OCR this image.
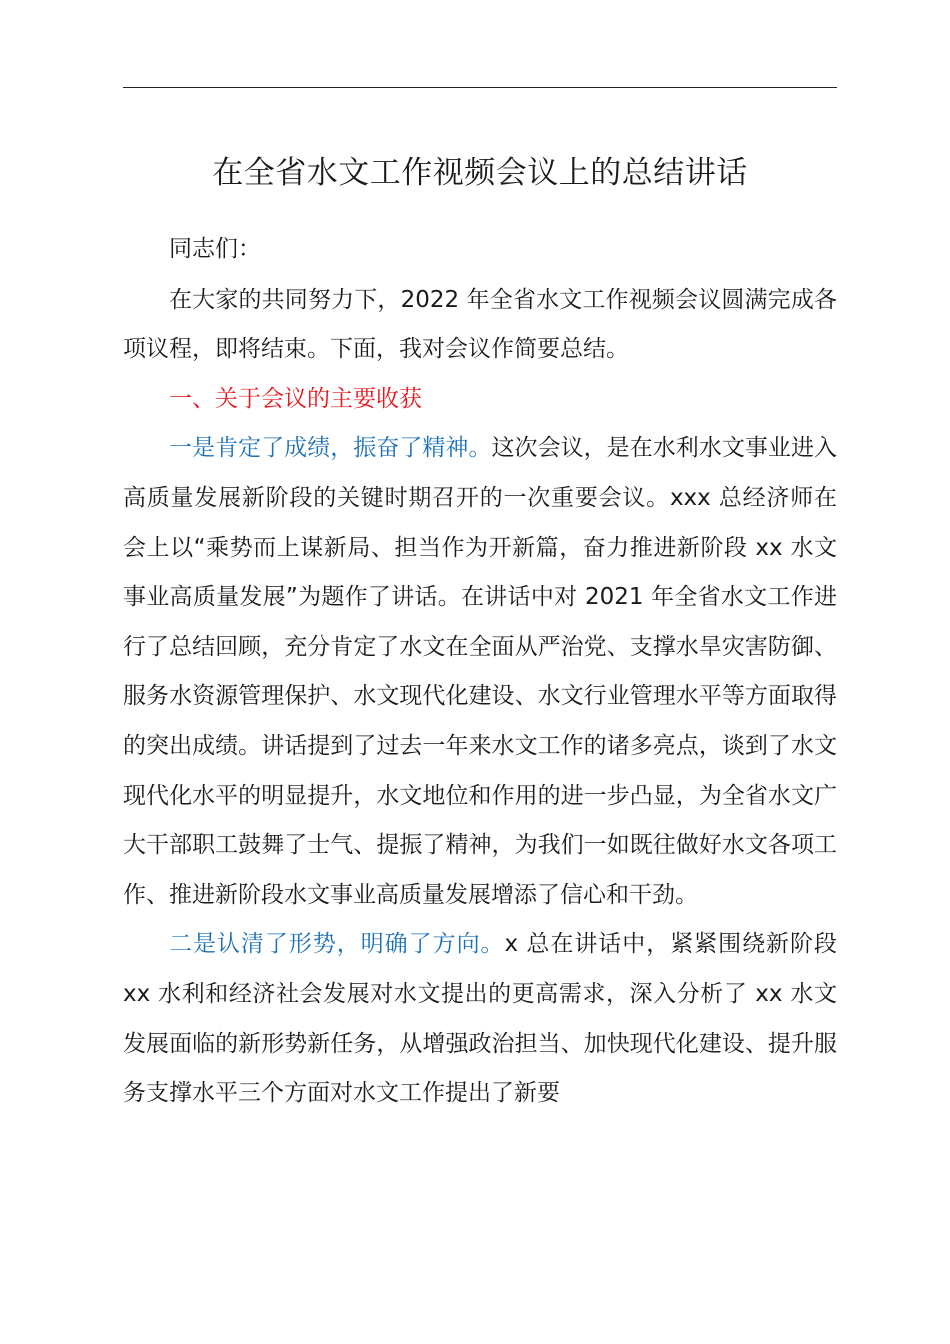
在全省水文工作视频会议上的总结讲话

同志们：

在大家的共同努力下，2022 年全省水文工作视频会议圆满完成各项议程，即将结束。下面，我对会议作简要总结。

一、关于会议的主要收获

一是肯定了成绩，振奋了精神。这次会议，是在水利水文事业进入高质量发展新阶段的关键时期召开的一次重要会议。xxx 总经济师在会上以“乘势而上谋新局、担当作为开新篇，奋力推进新阶段 xx 水文事业高质量发展”为题作了讲话。在讲话中对 2021 年全省水文工作进行了总结回顾，充分肯定了水文在全面从严治党、支撑水旱灾害防御、服务水资源管理保护、水文现代化建设、水文行业管理水平等方面取得的突出成绩。讲话提到了过去一年来水文工作的诸多亮点，谈到了水文现代化水平的明显提升，水文地位和作用的进一步凸显，为全省水文广大干部职工鼓舞了士气、提振了精神，为我们一如既往做好水文各项工作、推进新阶段水文事业高质量发展增添了信心和干劲。

二是认清了形势，明确了方向。x 总在讲话中，紧紧围绕新阶段 xx 水利和经济社会发展对水文提出的更高需求，深入分析了 xx 水文发展面临的新形势新任务，从增强政治担当、加快现代化建设、提升服务支撑水平三个方面对水文工作提出了新要
